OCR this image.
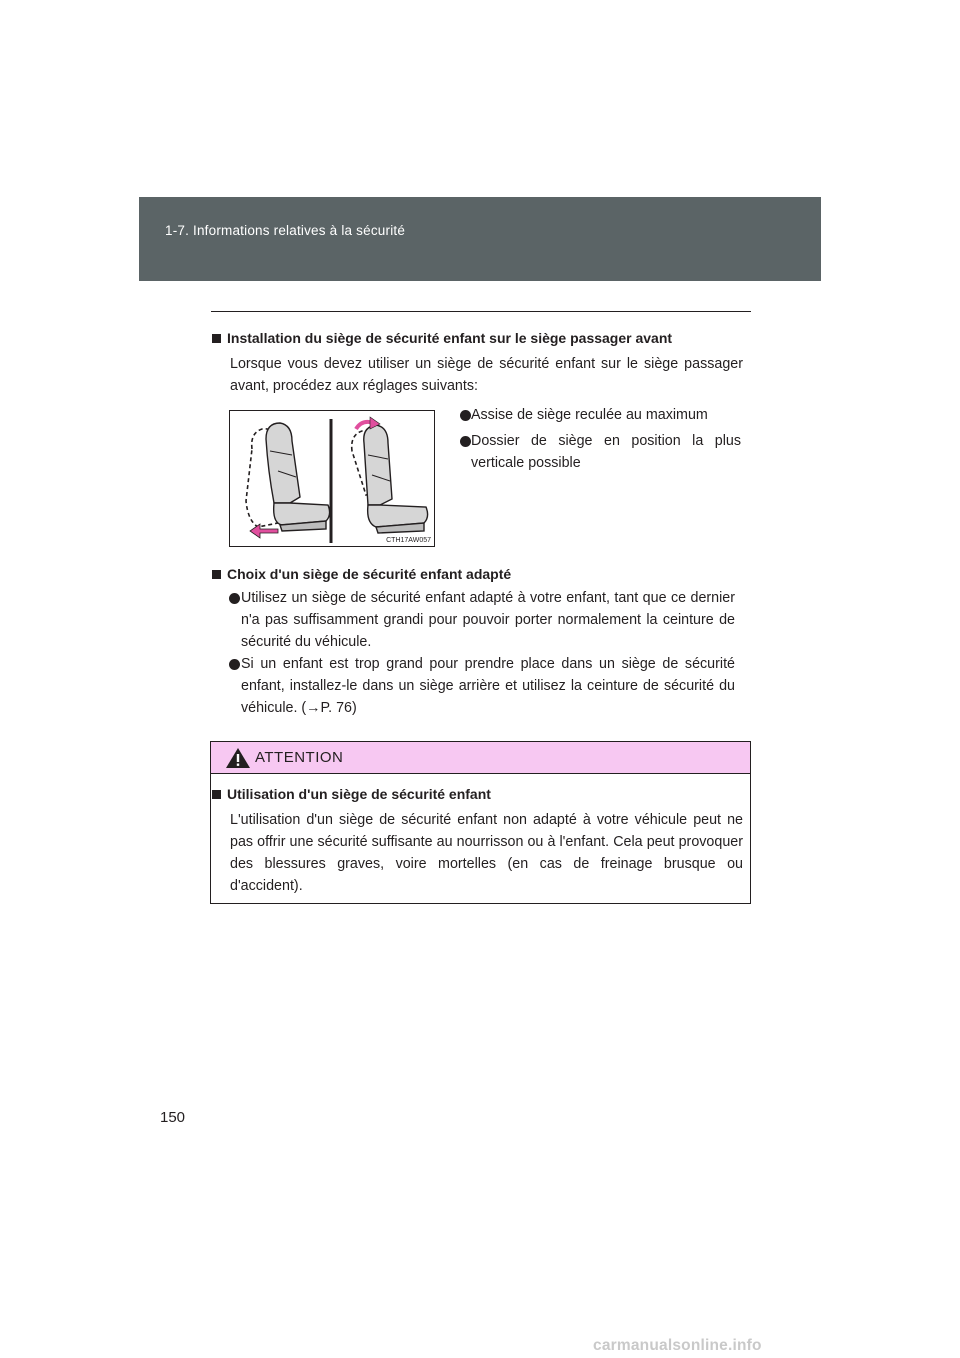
1-7. Informations relatives à la sécurité
Installation du siège de sécurité enfant sur le siège passager avant
Lorsque vous devez utiliser un siège de sécurité enfant sur le siège passager avant, procédez aux réglages suivants:
CTH17AW057
Assise de siège reculée au maximum
Dossier de siège en position la plus verticale possible
Choix d'un siège de sécurité enfant adapté
Utilisez un siège de sécurité enfant adapté à votre enfant, tant que ce dernier n'a pas suffisamment grandi pour pouvoir porter normalement la ceinture de sécurité du véhicule.
Si un enfant est trop grand pour prendre place dans un siège de sécurité enfant, installez-le dans un siège arrière et utilisez la ceinture de sécurité du véhicule. (→P. 76)
ATTENTION
Utilisation d'un siège de sécurité enfant
L'utilisation d'un siège de sécurité enfant non adapté à votre véhicule peut ne pas offrir une sécurité suffisante au nourrisson ou à l'enfant. Cela peut provoquer des blessures graves, voire mortelles (en cas de freinage brusque ou d'accident).
150
carmanualsonline.info
